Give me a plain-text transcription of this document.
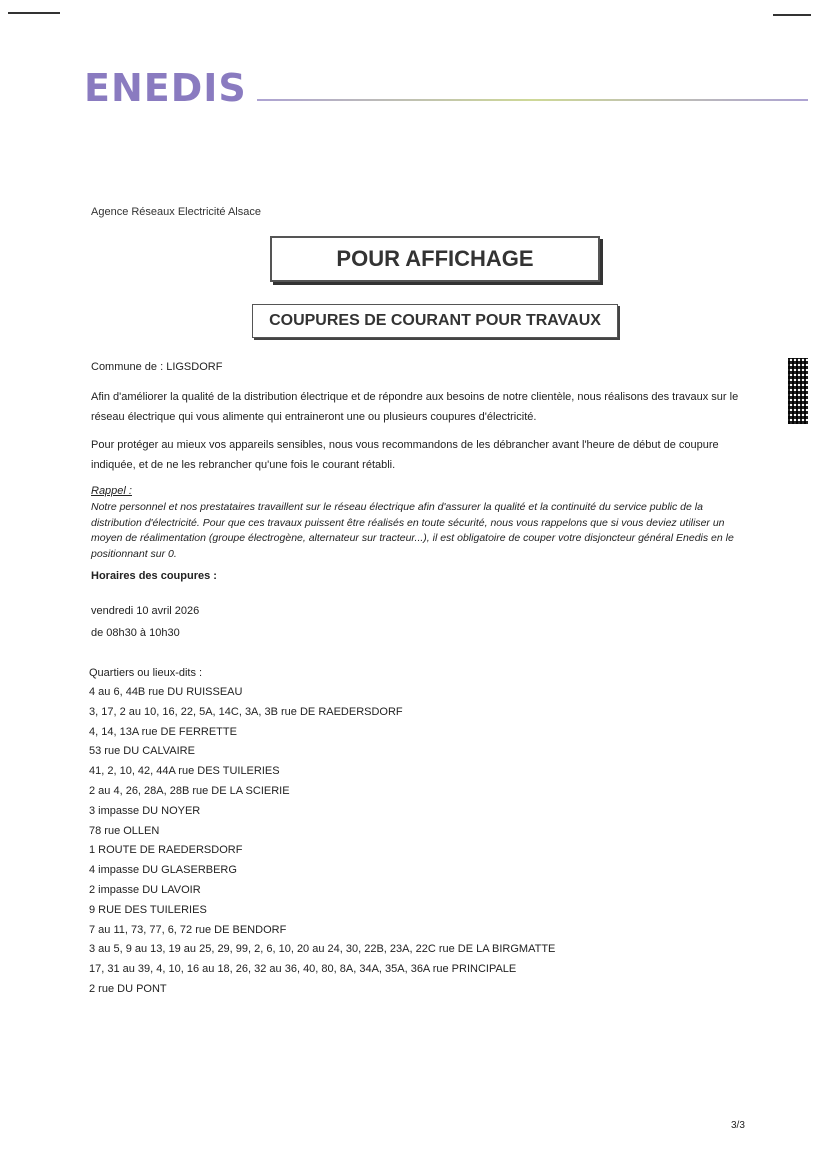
ENEDIS
Agence Réseaux Electricité Alsace
POUR AFFICHAGE
COUPURES DE COURANT POUR TRAVAUX
Commune de : LIGSDORF
Afin d'améliorer la qualité de la distribution électrique et de répondre aux besoins de notre clientèle, nous réalisons des travaux sur le réseau électrique qui vous alimente qui entraineront une ou plusieurs coupures d'électricité.
Pour protéger au mieux vos appareils sensibles, nous vous recommandons de les débrancher avant l'heure de début de coupure indiquée, et de ne les rebrancher qu'une fois le courant rétabli.
Rappel :
Notre personnel et nos prestataires travaillent sur le réseau électrique afin d'assurer la qualité et la continuité du service public de la distribution d'électricité. Pour que ces travaux puissent être réalisés en toute sécurité, nous vous rappelons que si vous deviez utiliser un moyen de réalimentation (groupe électrogène, alternateur sur tracteur...), il est obligatoire de couper votre disjoncteur général Enedis en le positionnant sur 0.
Horaires des coupures :
vendredi 10 avril 2026
de 08h30 à 10h30
Quartiers ou lieux-dits :
4 au 6, 44B rue DU RUISSEAU
3, 17, 2 au 10, 16, 22, 5A, 14C, 3A, 3B rue DE RAEDERSDORF
4, 14, 13A rue DE FERRETTE
53 rue DU CALVAIRE
41, 2, 10, 42, 44A rue DES TUILERIES
2 au 4, 26, 28A, 28B rue DE LA SCIERIE
3 impasse DU NOYER
78 rue OLLEN
1 ROUTE DE RAEDERSDORF
4 impasse DU GLASERBERG
2 impasse DU LAVOIR
9 RUE DES TUILERIES
7 au 11, 73, 77, 6, 72 rue DE BENDORF
3 au 5, 9 au 13, 19 au 25, 29, 99, 2, 6, 10, 20 au 24, 30, 22B, 23A, 22C rue DE LA BIRGMATTE
17, 31 au 39, 4, 10, 16 au 18, 26, 32 au 36, 40, 80, 8A, 34A, 35A, 36A rue PRINCIPALE
2 rue DU PONT
3/3
